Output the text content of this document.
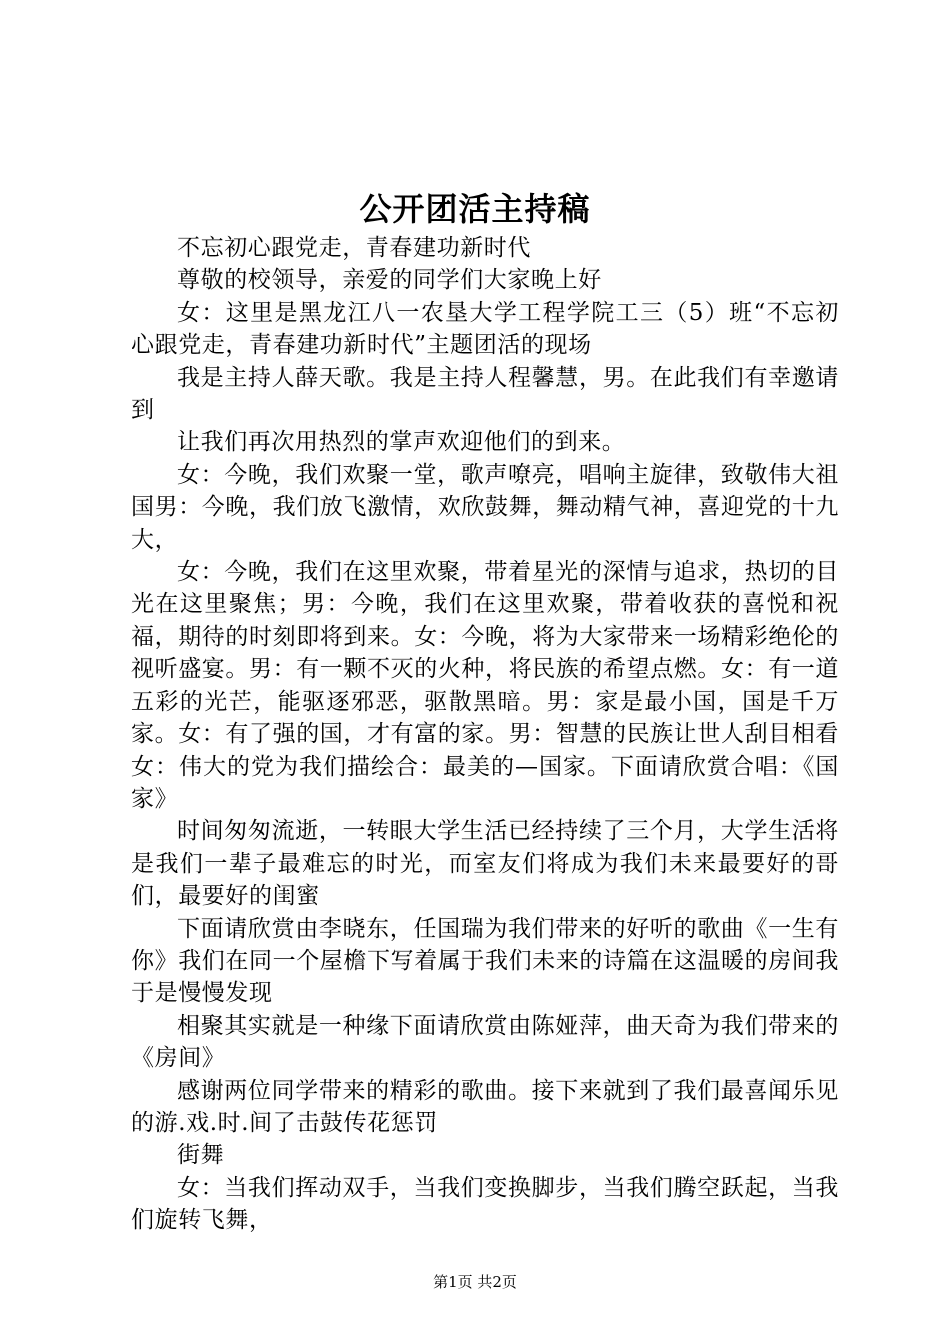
公开团活主持稿

不忘初心跟党走，青春建功新时代

尊敬的校领导，亲爱的同学们大家晚上好

女：这里是黑龙江八一农垦大学工程学院工三（5）班“不忘初心跟党走，青春建功新时代”主题团活的现场

我是主持人薛天歌。我是主持人程馨慧，男。在此我们有幸邀请到

让我们再次用热烈的掌声欢迎他们的到来。

女：今晚，我们欢聚一堂，歌声嘹亮，唱响主旋律，致敬伟大祖国男：今晚，我们放飞激情，欢欣鼓舞，舞动精气神，喜迎党的十九大，

女：今晚，我们在这里欢聚，带着星光的深情与追求，热切的目光在这里聚焦；男：今晚，我们在这里欢聚，带着收获的喜悦和祝福，期待的时刻即将到来。女：今晚，将为大家带来一场精彩绝伦的视听盛宴。男：有一颗不灭的火种，将民族的希望点燃。女：有一道五彩的光芒，能驱逐邪恶，驱散黑暗。男：家是最小国，国是千万家。女：有了强的国，才有富的家。男：智慧的民族让世人刮目相看女：伟大的党为我们描绘合：最美的—国家。下面请欣赏合唱：《国家》

时间匆匆流逝，一转眼大学生活已经持续了三个月，大学生活将是我们一辈子最难忘的时光，而室友们将成为我们未来最要好的哥们，最要好的闺蜜

下面请欣赏由李晓东，任国瑞为我们带来的好听的歌曲《一生有你》我们在同一个屋檐下写着属于我们未来的诗篇在这温暖的房间我于是慢慢发现

相聚其实就是一种缘下面请欣赏由陈娅萍，曲天奇为我们带来的《房间》

感谢两位同学带来的精彩的歌曲。接下来就到了我们最喜闻乐见的游.戏.时.间了击鼓传花惩罚

街舞

女：当我们挥动双手，当我们变换脚步，当我们腾空跃起，当我们旋转飞舞，

第1页 共2页
